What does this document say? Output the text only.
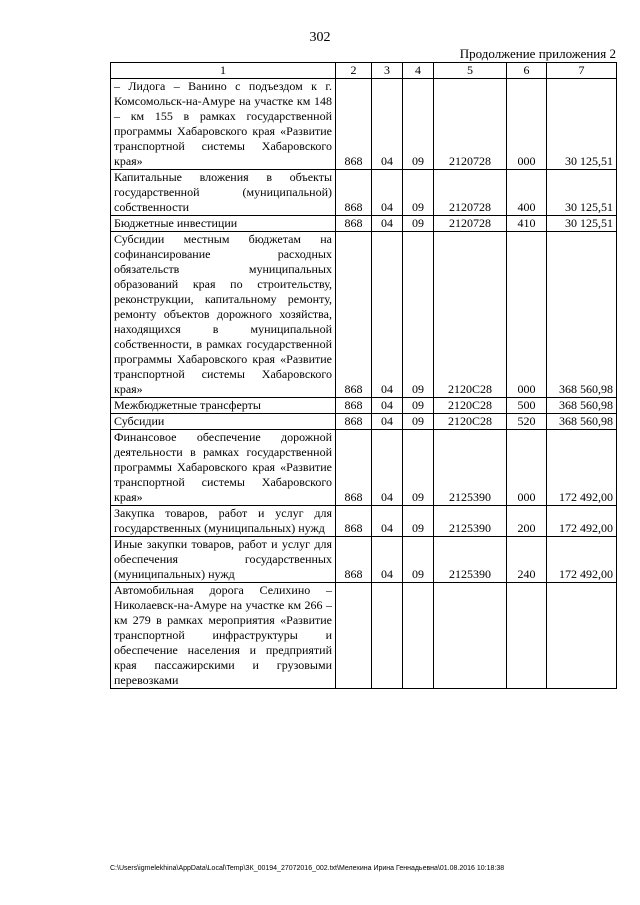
302
Продолжение приложения 2
1	2	3	4	5	6	7
– Лидога – Ванино с подъездом к г. Комсомольск-на-Амуре на участке км 148 – км 155 в рамках государственной программы Хабаровского края «Развитие транспортной системы Хабаровского края»	868	04	09	2120728	000	30 125,51
Капитальные вложения в объекты государственной (муниципальной) собственности	868	04	09	2120728	400	30 125,51
Бюджетные инвестиции	868	04	09	2120728	410	30 125,51
Субсидии местным бюджетам на софинансирование расходных обязательств муниципальных образований края по строительству, реконструкции, капитальному ремонту, ремонту объектов дорожного хозяйства, находящихся в муниципальной собственности, в рамках государственной программы Хабаровского края «Развитие транспортной системы Хабаровского края»	868	04	09	2120С28	000	368 560,98
Межбюджетные трансферты	868	04	09	2120С28	500	368 560,98
Субсидии	868	04	09	2120С28	520	368 560,98
Финансовое обеспечение дорожной деятельности в рамках государственной программы Хабаровского края «Развитие транспортной системы Хабаровского края»	868	04	09	2125390	000	172 492,00
Закупка товаров, работ и услуг для государственных (муниципальных) нужд	868	04	09	2125390	200	172 492,00
Иные закупки товаров, работ и услуг для обеспечения государственных (муниципальных) нужд	868	04	09	2125390	240	172 492,00
Автомобильная дорога Селихино – Николаевск-на-Амуре на участке км 266 – км 279 в рамках мероприятия «Развитие транспортной инфраструктуры и обеспечение населения и предприятий края пассажирскими и грузовыми перевозками						
C:\Users\igmelekhina\AppData\Local\Temp\ЗК_00194_27072016_002.txt\Мелехина Ирина Геннадьевна\01.08.2016 10:18:38
